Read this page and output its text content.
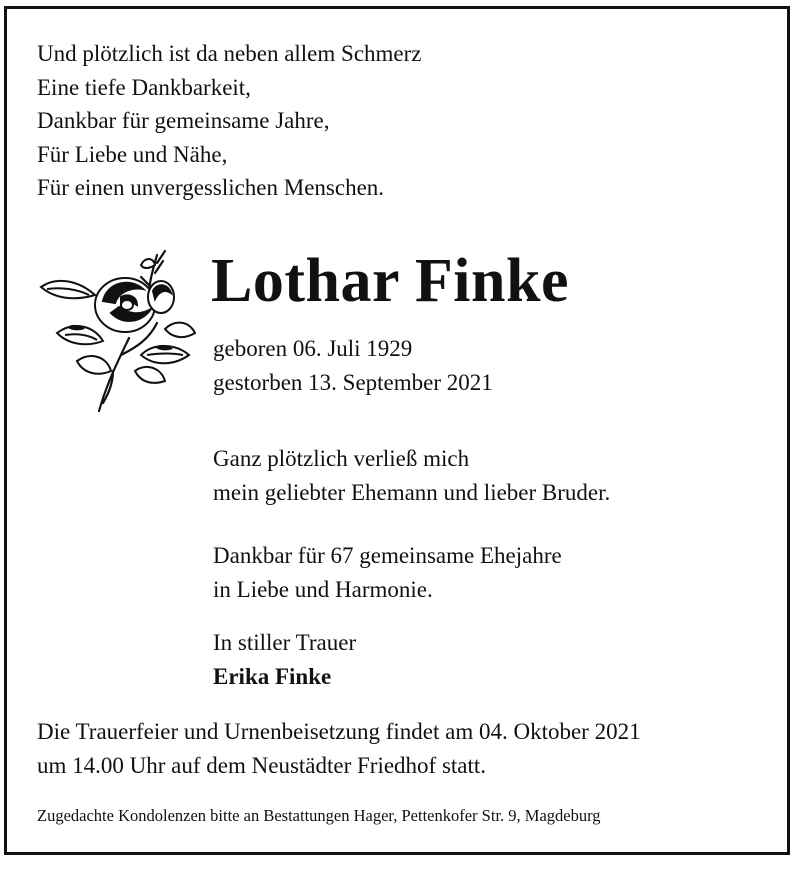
Und plötzlich ist da neben allem Schmerz
Eine tiefe Dankbarkeit,
Dankbar für gemeinsame Jahre,
Für Liebe und Nähe,
Für einen unvergesslichen Menschen.
Lothar Finke
geboren 06. Juli 1929
gestorben 13. September 2021
Ganz plötzlich verließ mich
mein geliebter Ehemann und lieber Bruder.
Dankbar für 67 gemeinsame Ehejahre
in Liebe und Harmonie.
In stiller Trauer
Erika Finke
Die Trauerfeier und Urnenbeisetzung findet am 04. Oktober 2021
um 14.00 Uhr auf dem Neustädter Friedhof statt.
Zugedachte Kondolenzen bitte an Bestattungen Hager, Pettenkofer Str. 9, Magdeburg
